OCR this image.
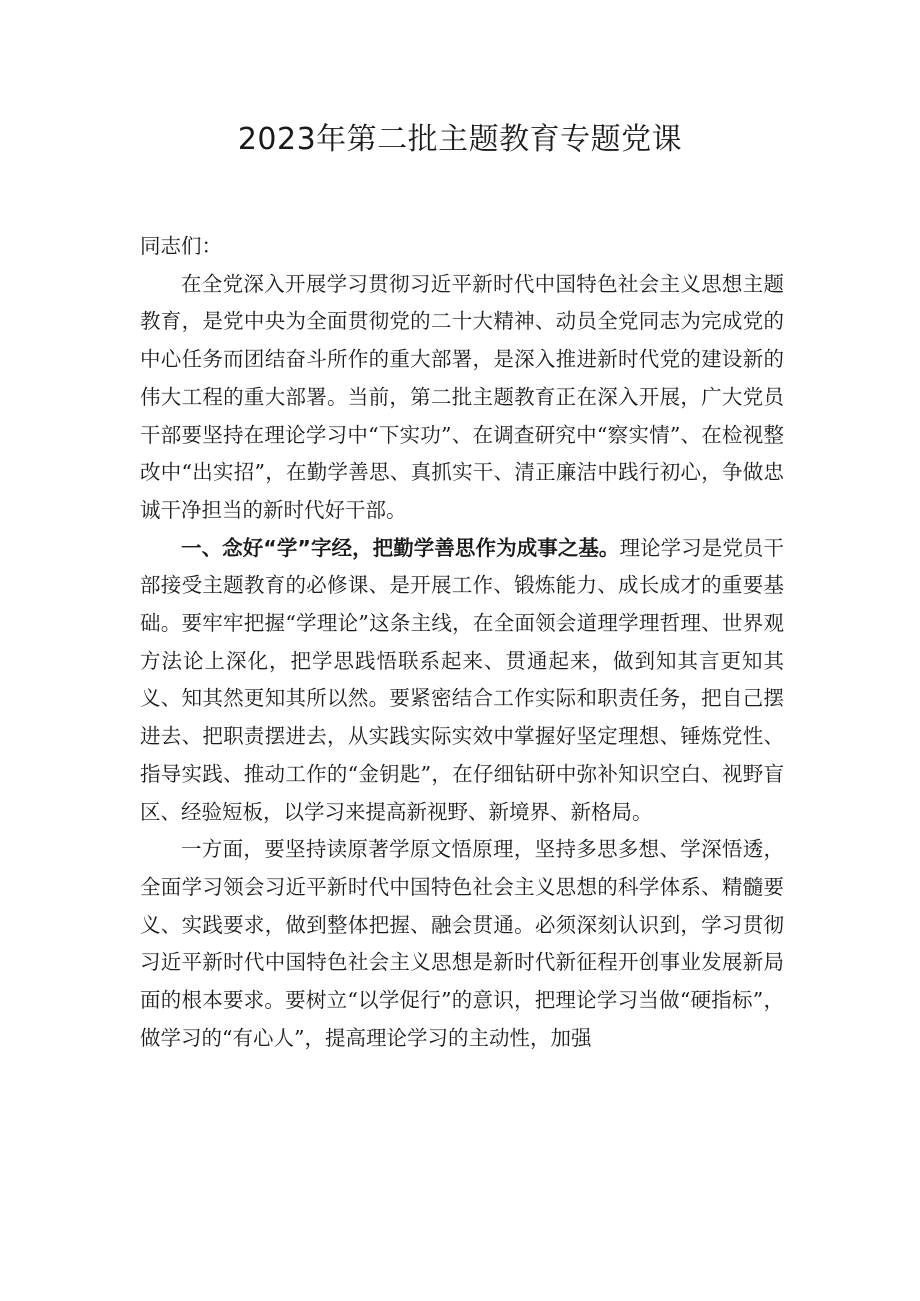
2023年第二批主题教育专题党课

同志们：

在全党深入开展学习贯彻习近平新时代中国特色社会主义思想主题教育，是党中央为全面贯彻党的二十大精神、动员全党同志为完成党的中心任务而团结奋斗所作的重大部署，是深入推进新时代党的建设新的伟大工程的重大部署。当前，第二批主题教育正在深入开展，广大党员干部要坚持在理论学习中“下实功”、在调查研究中“察实情”、在检视整改中“出实招”，在勤学善思、真抓实干、清正廉洁中践行初心，争做忠诚干净担当的新时代好干部。

一、念好“学”字经，把勤学善思作为成事之基。理论学习是党员干部接受主题教育的必修课、是开展工作、锻炼能力、成长成才的重要基础。要牢牢把握“学理论”这条主线，在全面领会道理学理哲理、世界观方法论上深化，把学思践悟联系起来、贯通起来，做到知其言更知其义、知其然更知其所以然。要紧密结合工作实际和职责任务，把自己摆进去、把职责摆进去，从实践实际实效中掌握好坚定理想、锤炼党性、指导实践、推动工作的“金钥匙”，在仔细钻研中弥补知识空白、视野盲区、经验短板，以学习来提高新视野、新境界、新格局。

一方面，要坚持读原著学原文悟原理，坚持多思多想、学深悟透，全面学习领会习近平新时代中国特色社会主义思想的科学体系、精髓要义、实践要求，做到整体把握、融会贯通。必须深刻认识到，学习贯彻习近平新时代中国特色社会主义思想是新时代新征程开创事业发展新局面的根本要求。要树立“以学促行”的意识，把理论学习当做“硬指标”，做学习的“有心人”，提高理论学习的主动性，加强
